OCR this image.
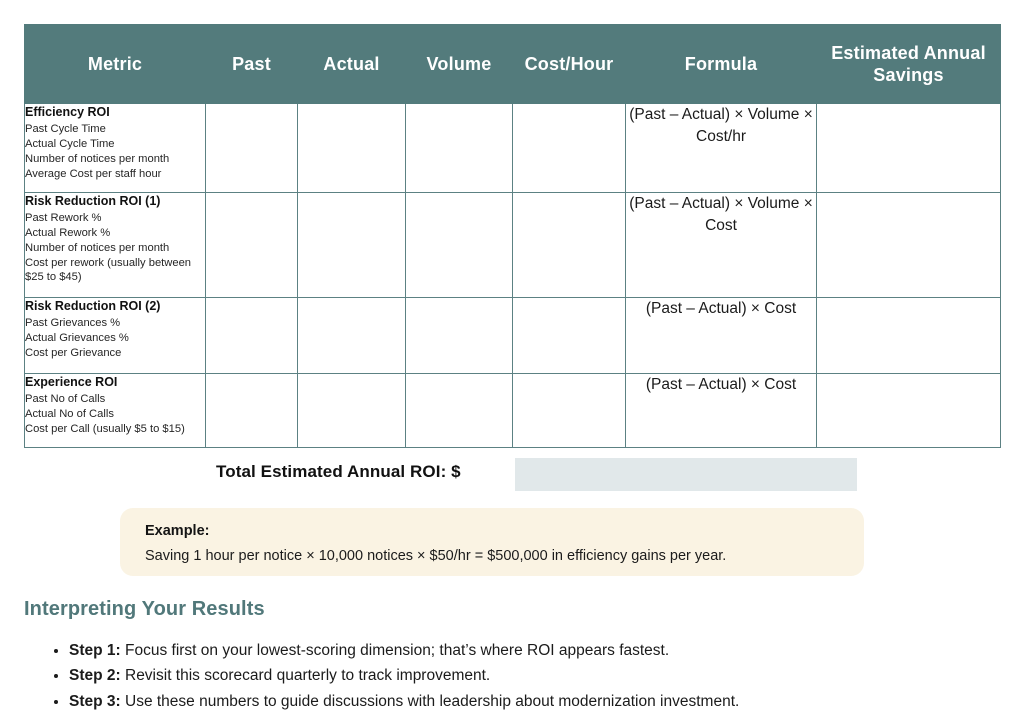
Metric	Past	Actual	Volume	Cost/Hour	Formula	Estimated Annual Savings

Efficiency ROI
Past Cycle Time
Actual Cycle Time
Number of notices per month
Average Cost per staff hour					(Past – Actual) × Volume × Cost/hr	

Risk Reduction ROI (1)
Past Rework %
Actual Rework %
Number of notices per month
Cost per rework (usually between $25 to $45)					(Past – Actual) × Volume × Cost	

Risk Reduction ROI (2)
Past Grievances %
Actual Grievances %
Cost per Grievance					(Past – Actual) × Cost	

Experience ROI
Past No of Calls
Actual No of Calls
Cost per Call (usually $5 to $15)					(Past – Actual) × Cost	
Total Estimated Annual ROI: $
Example:
Saving 1 hour per notice × 10,000 notices × $50/hr = $500,000 in efficiency gains per year.
Interpreting Your Results
• Step 1: Focus first on your lowest-scoring dimension; that’s where ROI appears fastest.
• Step 2: Revisit this scorecard quarterly to track improvement.
• Step 3: Use these numbers to guide discussions with leadership about modernization investment.
